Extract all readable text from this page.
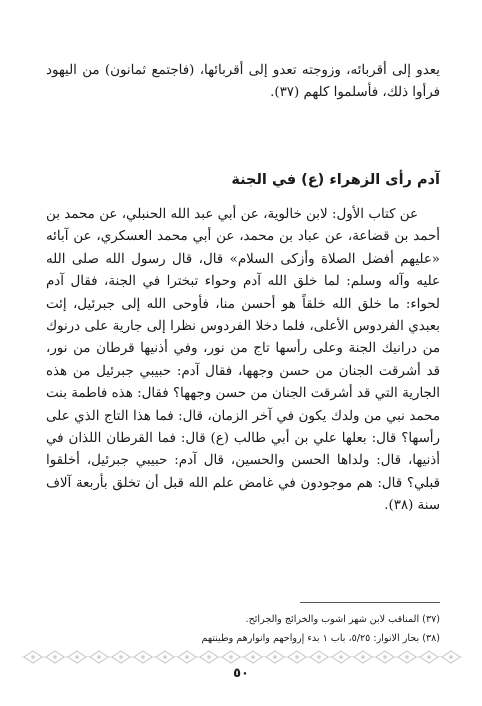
يعدو إلى أقربائه، وزوجته تعدو إلى أقربائها، (فاجتمع ثمانون) من اليهود فرأوا ذلك، فأسلموا كلهم (٣٧).

آدم رأى الزهراء (ع) في الجنة

عن كتاب الأول: لابن خالوية، عن أبي عبد الله الحنبلي، عن محمد بن أحمد بن قضاعة، عن عباد بن محمد، عن أبي محمد العسكري، عن آبائه «عليهم أفضل الصلاة وأزكى السلام» قال، قال رسول الله صلى الله عليه وآله وسلم: لما خلق الله آدم وحواء تبخترا في الجنة، فقال آدم لحواء: ما خلق الله خلقاً هو أحسن منا، فأوحى الله إلى جبرئيل، إئت بعبدي الفردوس الأعلى، فلما دخلا الفردوس نظرا إلى جارية على درنوك من درانيك الجنة وعلى رأسها تاج من نور، وفي أذنيها قرطان من نور، قد أشرقت الجنان من حسن وجهها، فقال آدم: حبيبي جبرئيل من هذه الجارية التي قد أشرقت الجنان من حسن وجهها؟ فقال: هذه فاطمة بنت محمد نبي من ولدك يكون في آخر الزمان، قال: فما هذا التاج الذي على رأسها؟ قال: بعلها علي بن أبي طالب (ع) قال: فما القرطان اللذان في أذنيها، قال: ولداها الحسن والحسين، قال آدم: حبيبي جبرئيل، أخلقوا قبلي؟ قال: هم موجودون في غامض علم الله قبل أن تخلق بأربعة آلاف سنة (٣٨).

(٣٧) المناقب لابن شهر اشوب والخرائج والجرائح.

(٣٨) بحار الانوار: ٥/٢٥، باب ١ بدء إرواحهم وانوارهم وطينتهم

٥٠
